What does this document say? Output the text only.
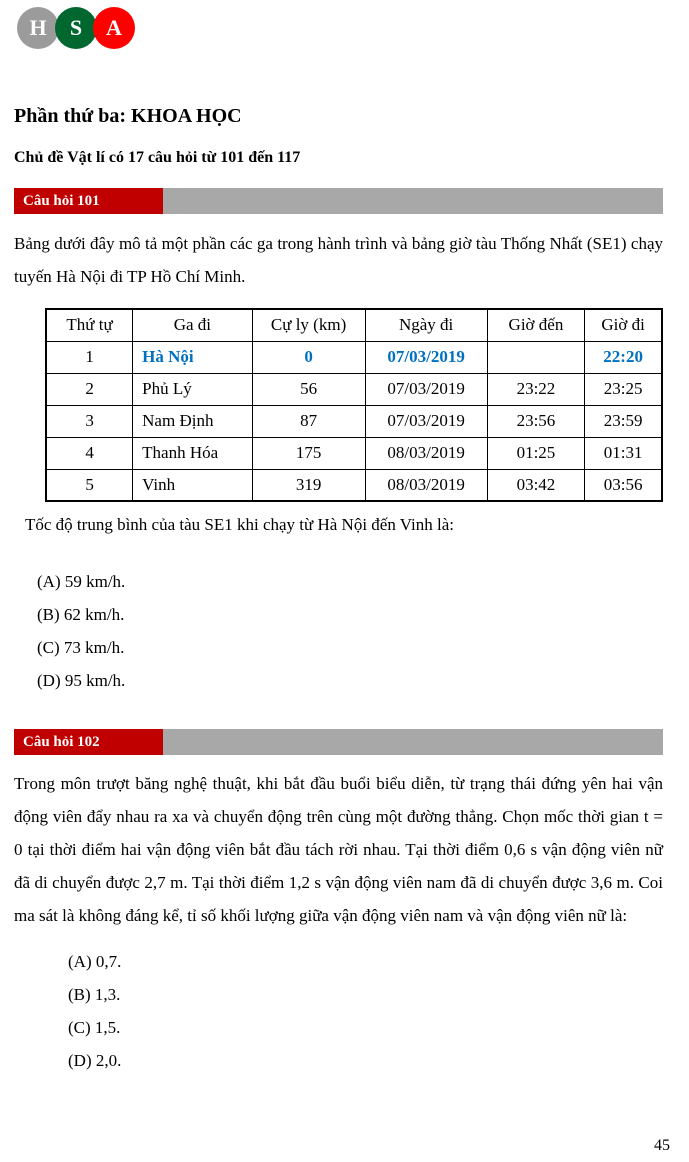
H S A
Phần thứ ba: KHOA HỌC
Chủ đề Vật lí có 17 câu hỏi từ 101 đến 117
Câu hỏi 101

Bảng dưới đây mô tả một phần các ga trong hành trình và bảng giờ tàu Thống Nhất (SE1) chạy tuyến Hà Nội đi TP Hồ Chí Minh.

Thứ tự	Ga đi	Cự ly (km)	Ngày đi	Giờ đến	Giờ đi
1	Hà Nội	0	07/03/2019		22:20
2	Phủ Lý	56	07/03/2019	23:22	23:25
3	Nam Định	87	07/03/2019	23:56	23:59
4	Thanh Hóa	175	08/03/2019	01:25	01:31
5	Vinh	319	08/03/2019	03:42	03:56

Tốc độ trung bình của tàu SE1 khi chạy từ Hà Nội đến Vinh là:

(A) 59 km/h.
(B) 62 km/h.
(C) 73 km/h.
(D) 95 km/h.
Câu hỏi 102

Trong môn trượt băng nghệ thuật, khi bắt đầu buổi biểu diễn, từ trạng thái đứng yên hai vận động viên đẩy nhau ra xa và chuyển động trên cùng một đường thẳng. Chọn mốc thời gian t = 0 tại thời điểm hai vận động viên bắt đầu tách rời nhau. Tại thời điểm 0,6 s vận động viên nữ đã di chuyển được 2,7 m. Tại thời điểm 1,2 s vận động viên nam đã di chuyển được 3,6 m. Coi ma sát là không đáng kể, tỉ số khối lượng giữa vận động viên nam và vận động viên nữ là:

(A) 0,7.
(B) 1,3.
(C) 1,5.
(D) 2,0.
45
